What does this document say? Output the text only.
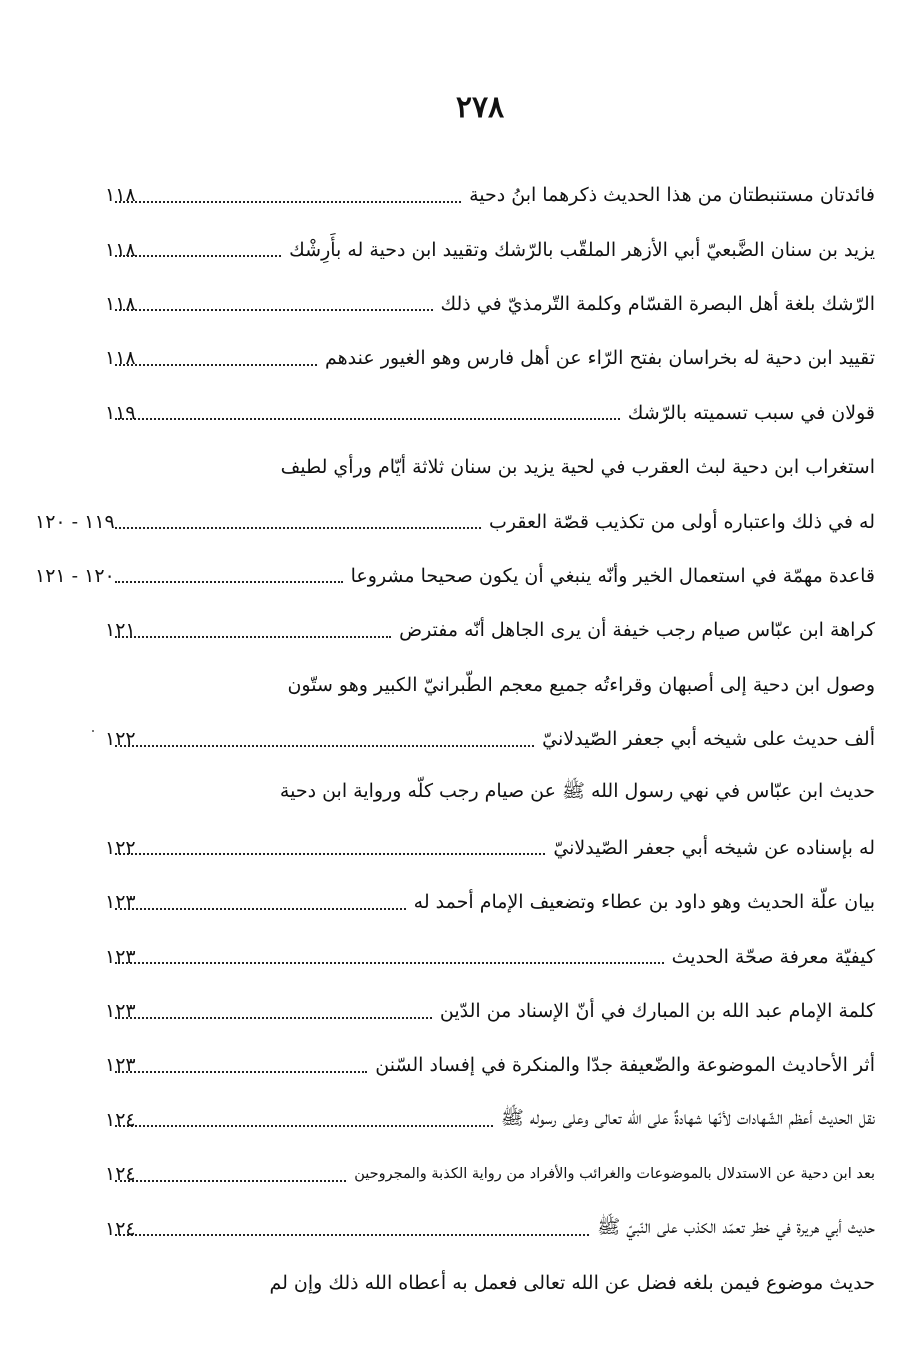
٢٧٨
فائدتان مستنبطتان من هذا الحديث ذكرهما ابنُ دحية
١١٨
يزيد بن سنان الضَّبعيّ أبي الأزهر الملقّب بالرّشك وتقييد ابن دحية له بأَرِشْك
١١٨
الرّشك بلغة أهل البصرة القسّام وكلمة التّرمذيّ في ذلك
١١٨
تقييد ابن دحية له بخراسان بفتح الرّاء عن أهل فارس وهو الغيور عندهم
١١٨
قولان في سبب تسميته بالرّشك
١١٩
استغراب ابن دحية لبث العقرب في لحية يزيد بن سنان ثلاثة أيّام ورأي لطيف
له في ذلك واعتباره أولى من تكذيب قصّة العقرب
١١٩ - ١٢٠
قاعدة مهمّة في استعمال الخير وأنّه ينبغي أن يكون صحيحا مشروعا
١٢٠ - ١٢١
كراهة ابن عبّاس صيام رجب خيفة أن يرى الجاهل أنّه مفترض
١٢١
وصول ابن دحية إلى أصبهان وقراءتُه جميع معجم الطّبرانيّ الكبير وهو ستّون
ألف حديث على شيخه أبي جعفر الصّيدلانيّ
١٢٢
حديث ابن عبّاس في نهي رسول الله ﷺ عن صيام رجب كلّه ورواية ابن دحية
له بإسناده عن شيخه أبي جعفر الصّيدلانيّ
١٢٢
بيان علّة الحديث وهو داود بن عطاء وتضعيف الإمام أحمد له
١٢٣
كيفيّة معرفة صحّة الحديث
١٢٣
كلمة الإمام عبد الله بن المبارك في أنّ الإسناد من الدّين
١٢٣
أثر الأحاديث الموضوعة والضّعيفة جدّا والمنكرة في إفساد السّنن
١٢٣
نقل الحديث أعظم الشّهادات لأنّها شهادةٌ على الله تعالى وعلى رسوله ﷺ
١٢٤
بعد ابن دحية عن الاستدلال بالموضوعات والغرائب والأفراد من رواية الكذبة والمجروحين
١٢٤
حديث أبي هريرة في خطر تعمّد الكذب على النّبيّ ﷺ
١٢٤
حديث موضوع فيمن بلغه فضل عن الله تعالى فعمل به أعطاه الله ذلك وإن لم
